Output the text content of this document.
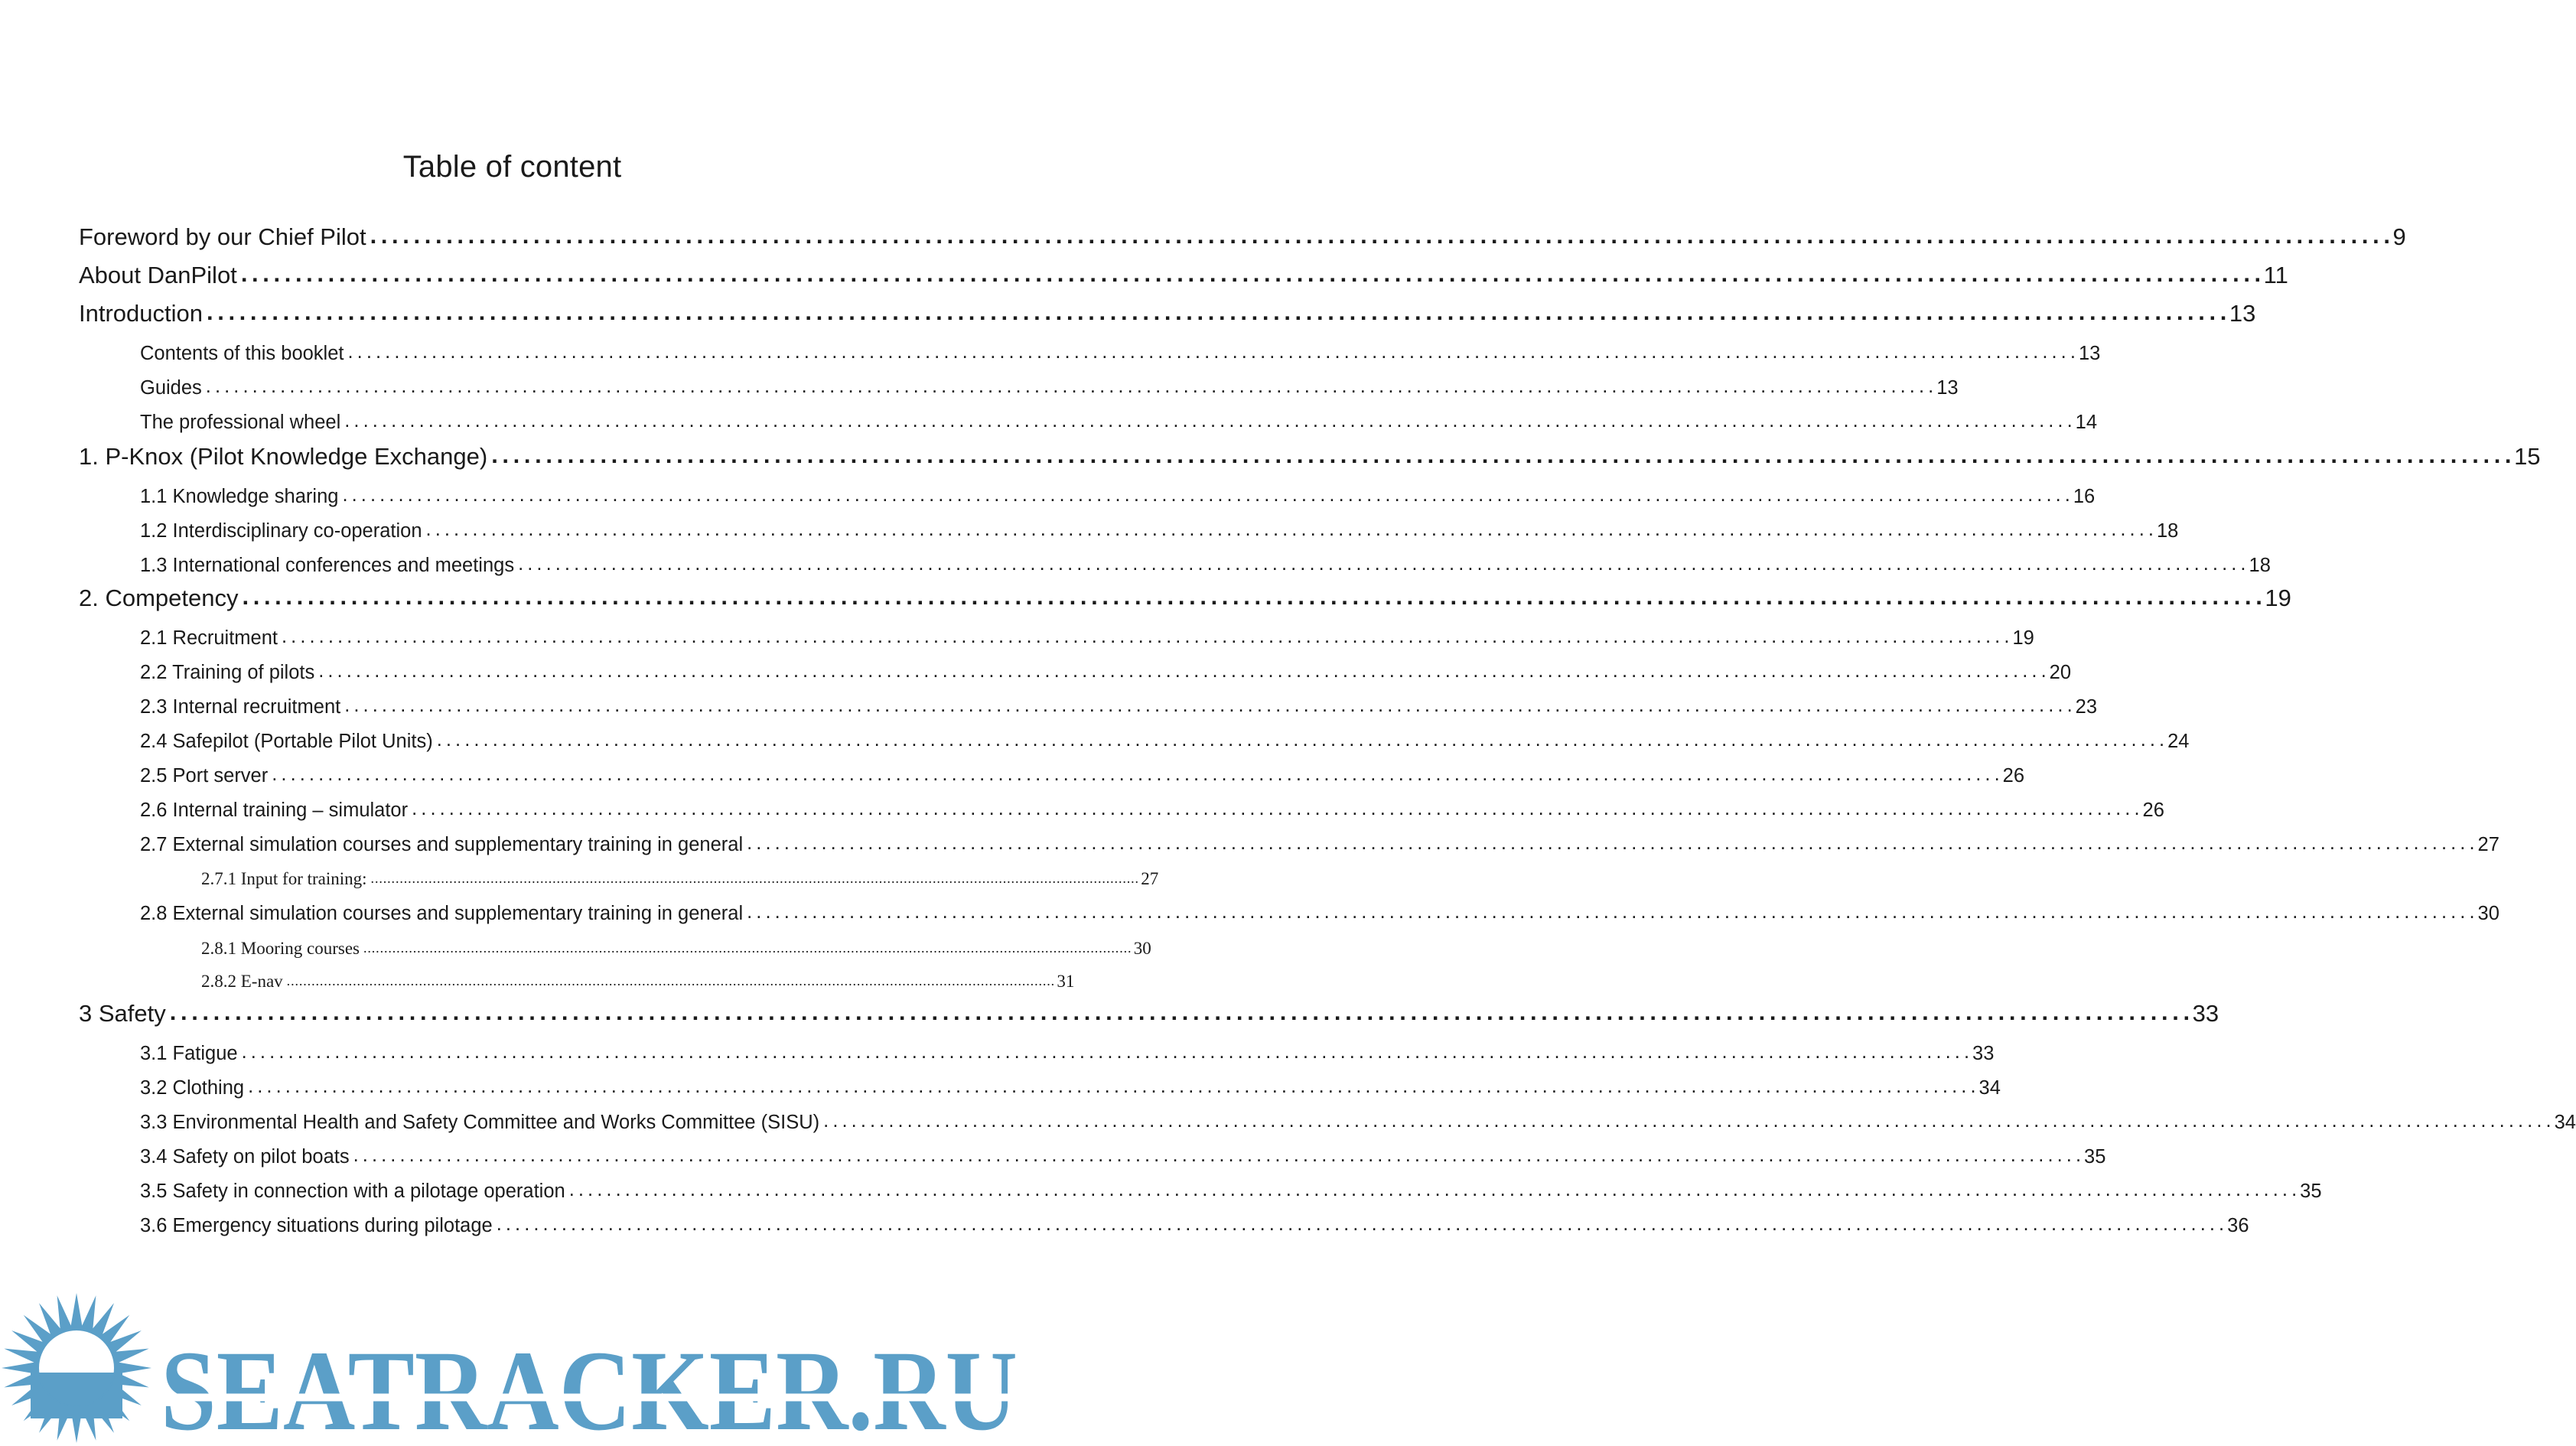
Table of content
Foreword by our Chief Pilot . . .	9
About DanPilot . . .	11
Introduction . . .	13
Contents of this booklet . . .	13
Guides . . .	13
The professional wheel . . .	14
1. P-Knox (Pilot Knowledge Exchange) . . .	15
1.1 Knowledge sharing . . .	16
1.2 Interdisciplinary co-operation . . .	18
1.3 International conferences and meetings . . .	18
2. Competency . . .	19
2.1 Recruitment . . .	19
2.2 Training of pilots . . .	20
2.3 Internal recruitment . . .	23
2.4 Safepilot (Portable Pilot Units) . . .	24
2.5 Port server . . .	26
2.6 Internal training – simulator . . .	26
2.7 External simulation courses and supplementary training in general . . .	27
2.7.1 Input for training: . . .	27
2.8 External simulation courses and supplementary training in general . . .	30
2.8.1 Mooring courses . . .	30
2.8.2 E-nav . . .	31
3 Safety . . .	33
3.1 Fatigue . . .	33
3.2 Clothing . . .	34
3.3 Environmental Health and Safety Committee and Works Committee (SISU) . . .	34
3.4 Safety on pilot boats . . .	35
3.5 Safety in connection with a pilotage operation . . .	35
3.6 Emergency situations during pilotage . . .	36
SEATRACKER.RU
